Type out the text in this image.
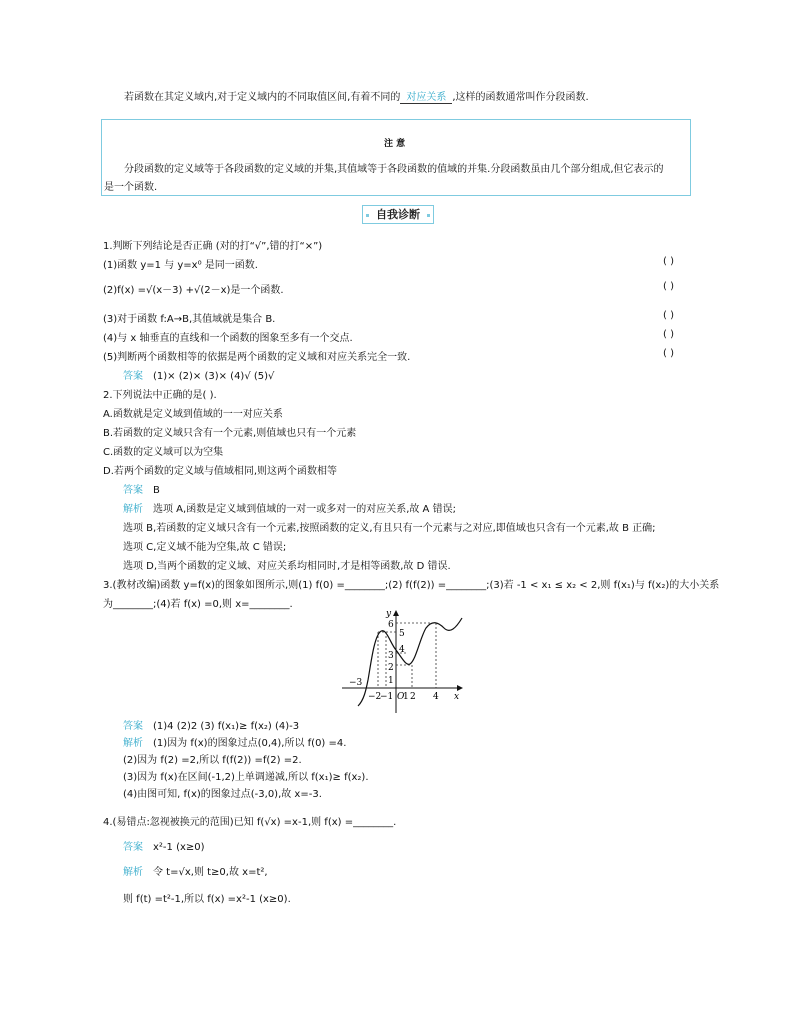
若函数在其定义域内,对于定义域内的不同取值区间,有着不同的 对应关系 ,这样的函数通常叫作分段函数.
注 意
分段函数的定义域等于各段函数的定义域的并集,其值域等于各段函数的值域的并集.分段函数虽由几个部分组成,但它表示的
是一个函数.
自我诊断
1.判断下列结论是否正确 (对的打“√”,错的打“×”)
(1)函数 y=1 与 y=x⁰ 是同一函数.	( )
(2)f(x) =√(x－3) +√(2－x)是一个函数.	( )
(3)对于函数 f:A→B,其值域就是集合 B.	( )
(4)与 x 轴垂直的直线和一个函数的图象至多有一个交点.	( )
(5)判断两个函数相等的依据是两个函数的定义域和对应关系完全一致.	( )
答案 (1)× (2)× (3)× (4)√ (5)√
2.下列说法中正确的是( ).
A.函数就是定义域到值域的一一对应关系
B.若函数的定义域只含有一个元素,则值域也只有一个元素
C.函数的定义域可以为空集
D.若两个函数的定义域与值域相同,则这两个函数相等
答案 B
解析 选项 A,函数是定义域到值域的一对一或多对一的对应关系,故 A 错误;
选项 B,若函数的定义域只含有一个元素,按照函数的定义,有且只有一个元素与之对应,即值域也只含有一个元素,故 B 正确;
选项 C,定义域不能为空集,故 C 错误;
选项 D,当两个函数的定义域、对应关系均相同时,才是相等函数,故 D 错误.
3.(教材改编)函数 y=f(x)的图象如图所示,则(1) f(0) =________;(2) f(f(2)) =________;(3)若 -1 < x₁ ≤ x₂ < 2,则 f(x₁)与 f(x₂)的大小关系
为________;(4)若 f(x) =0,则 x=________.
y
x
6
5
4
3
2
1
−3
−2
−1 O
1 2 4
答案 (1)4 (2)2 (3) f(x₁)≥ f(x₂) (4)-3
解析 (1)因为 f(x)的图象过点(0,4),所以 f(0) =4.
(2)因为 f(2) =2,所以 f(f(2)) =f(2) =2.
(3)因为 f(x)在区间(-1,2)上单调递减,所以 f(x₁)≥ f(x₂).
(4)由图可知, f(x)的图象过点(-3,0),故 x=-3.
4.(易错点:忽视被换元的范围)已知 f(√x) =x-1,则 f(x) =________.
答案 x²-1 (x≥0)
解析 令 t=√x,则 t≥0,故 x=t²,
则 f(t) =t²-1,所以 f(x) =x²-1 (x≥0).
